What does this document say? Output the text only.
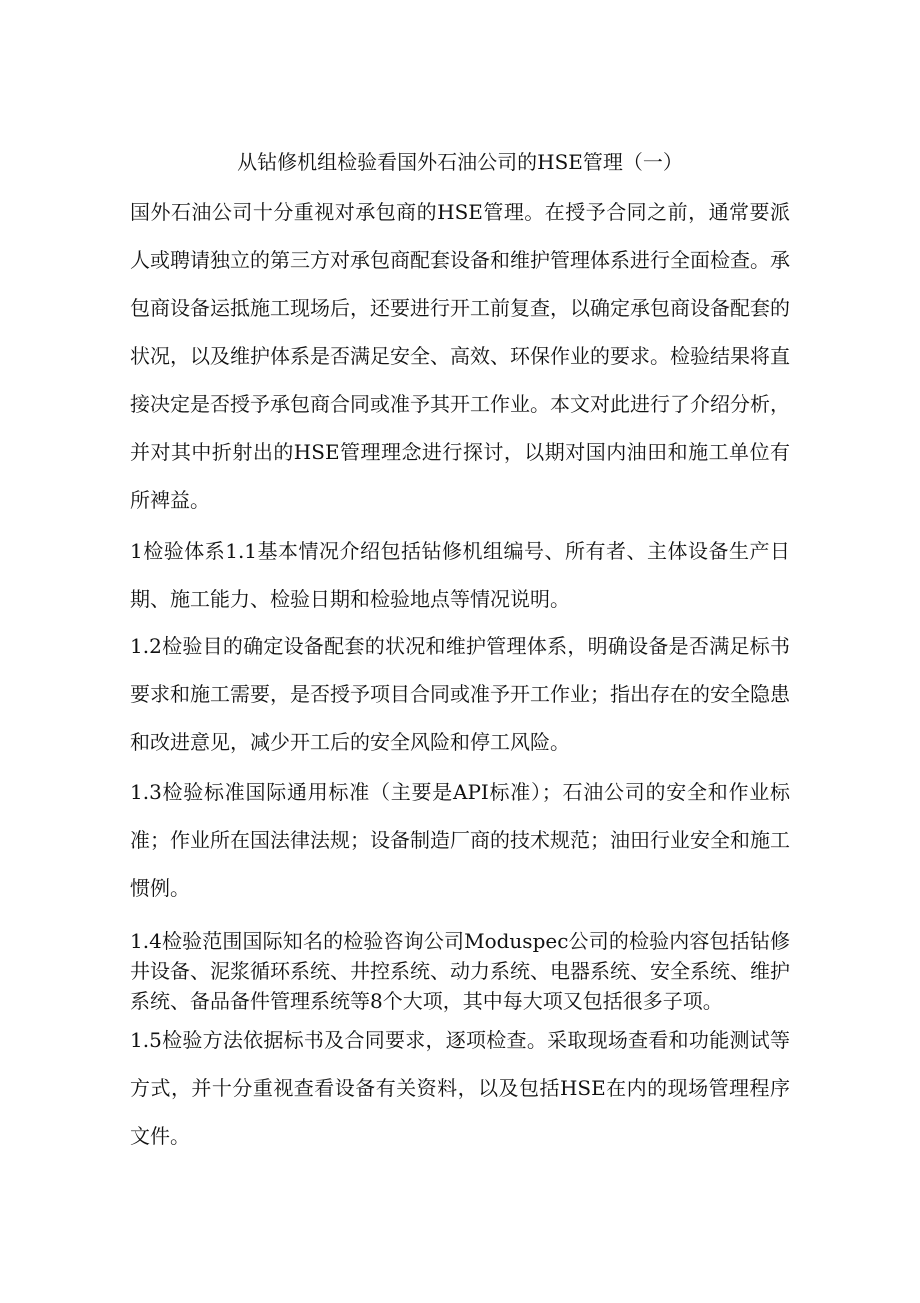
从钻修机组检验看国外石油公司的HSE管理（一）

国外石油公司十分重视对承包商的HSE管理。在授予合同之前，通常要派人或聘请独立的第三方对承包商配套设备和维护管理体系进行全面检查。承包商设备运抵施工现场后，还要进行开工前复查，以确定承包商设备配套的状况，以及维护体系是否满足安全、高效、环保作业的要求。检验结果将直接决定是否授予承包商合同或准予其开工作业。本文对此进行了介绍分析，并对其中折射出的HSE管理理念进行探讨，以期对国内油田和施工单位有所裨益。

1检验体系1.1基本情况介绍包括钻修机组编号、所有者、主体设备生产日期、施工能力、检验日期和检验地点等情况说明。

1.2检验目的确定设备配套的状况和维护管理体系，明确设备是否满足标书要求和施工需要，是否授予项目合同或准予开工作业；指出存在的安全隐患和改进意见，减少开工后的安全风险和停工风险。

1.3检验标准国际通用标准（主要是API标准）；石油公司的安全和作业标准；作业所在国法律法规；设备制造厂商的技术规范；油田行业安全和施工惯例。

1.4检验范围国际知名的检验咨询公司Moduspec公司的检验内容包括钻修井设备、泥浆循环系统、井控系统、动力系统、电器系统、安全系统、维护系统、备品备件管理系统等8个大项，其中每大项又包括很多子项。

1.5检验方法依据标书及合同要求，逐项检查。采取现场查看和功能测试等方式，并十分重视查看设备有关资料，以及包括HSE在内的现场管理程序文件。
